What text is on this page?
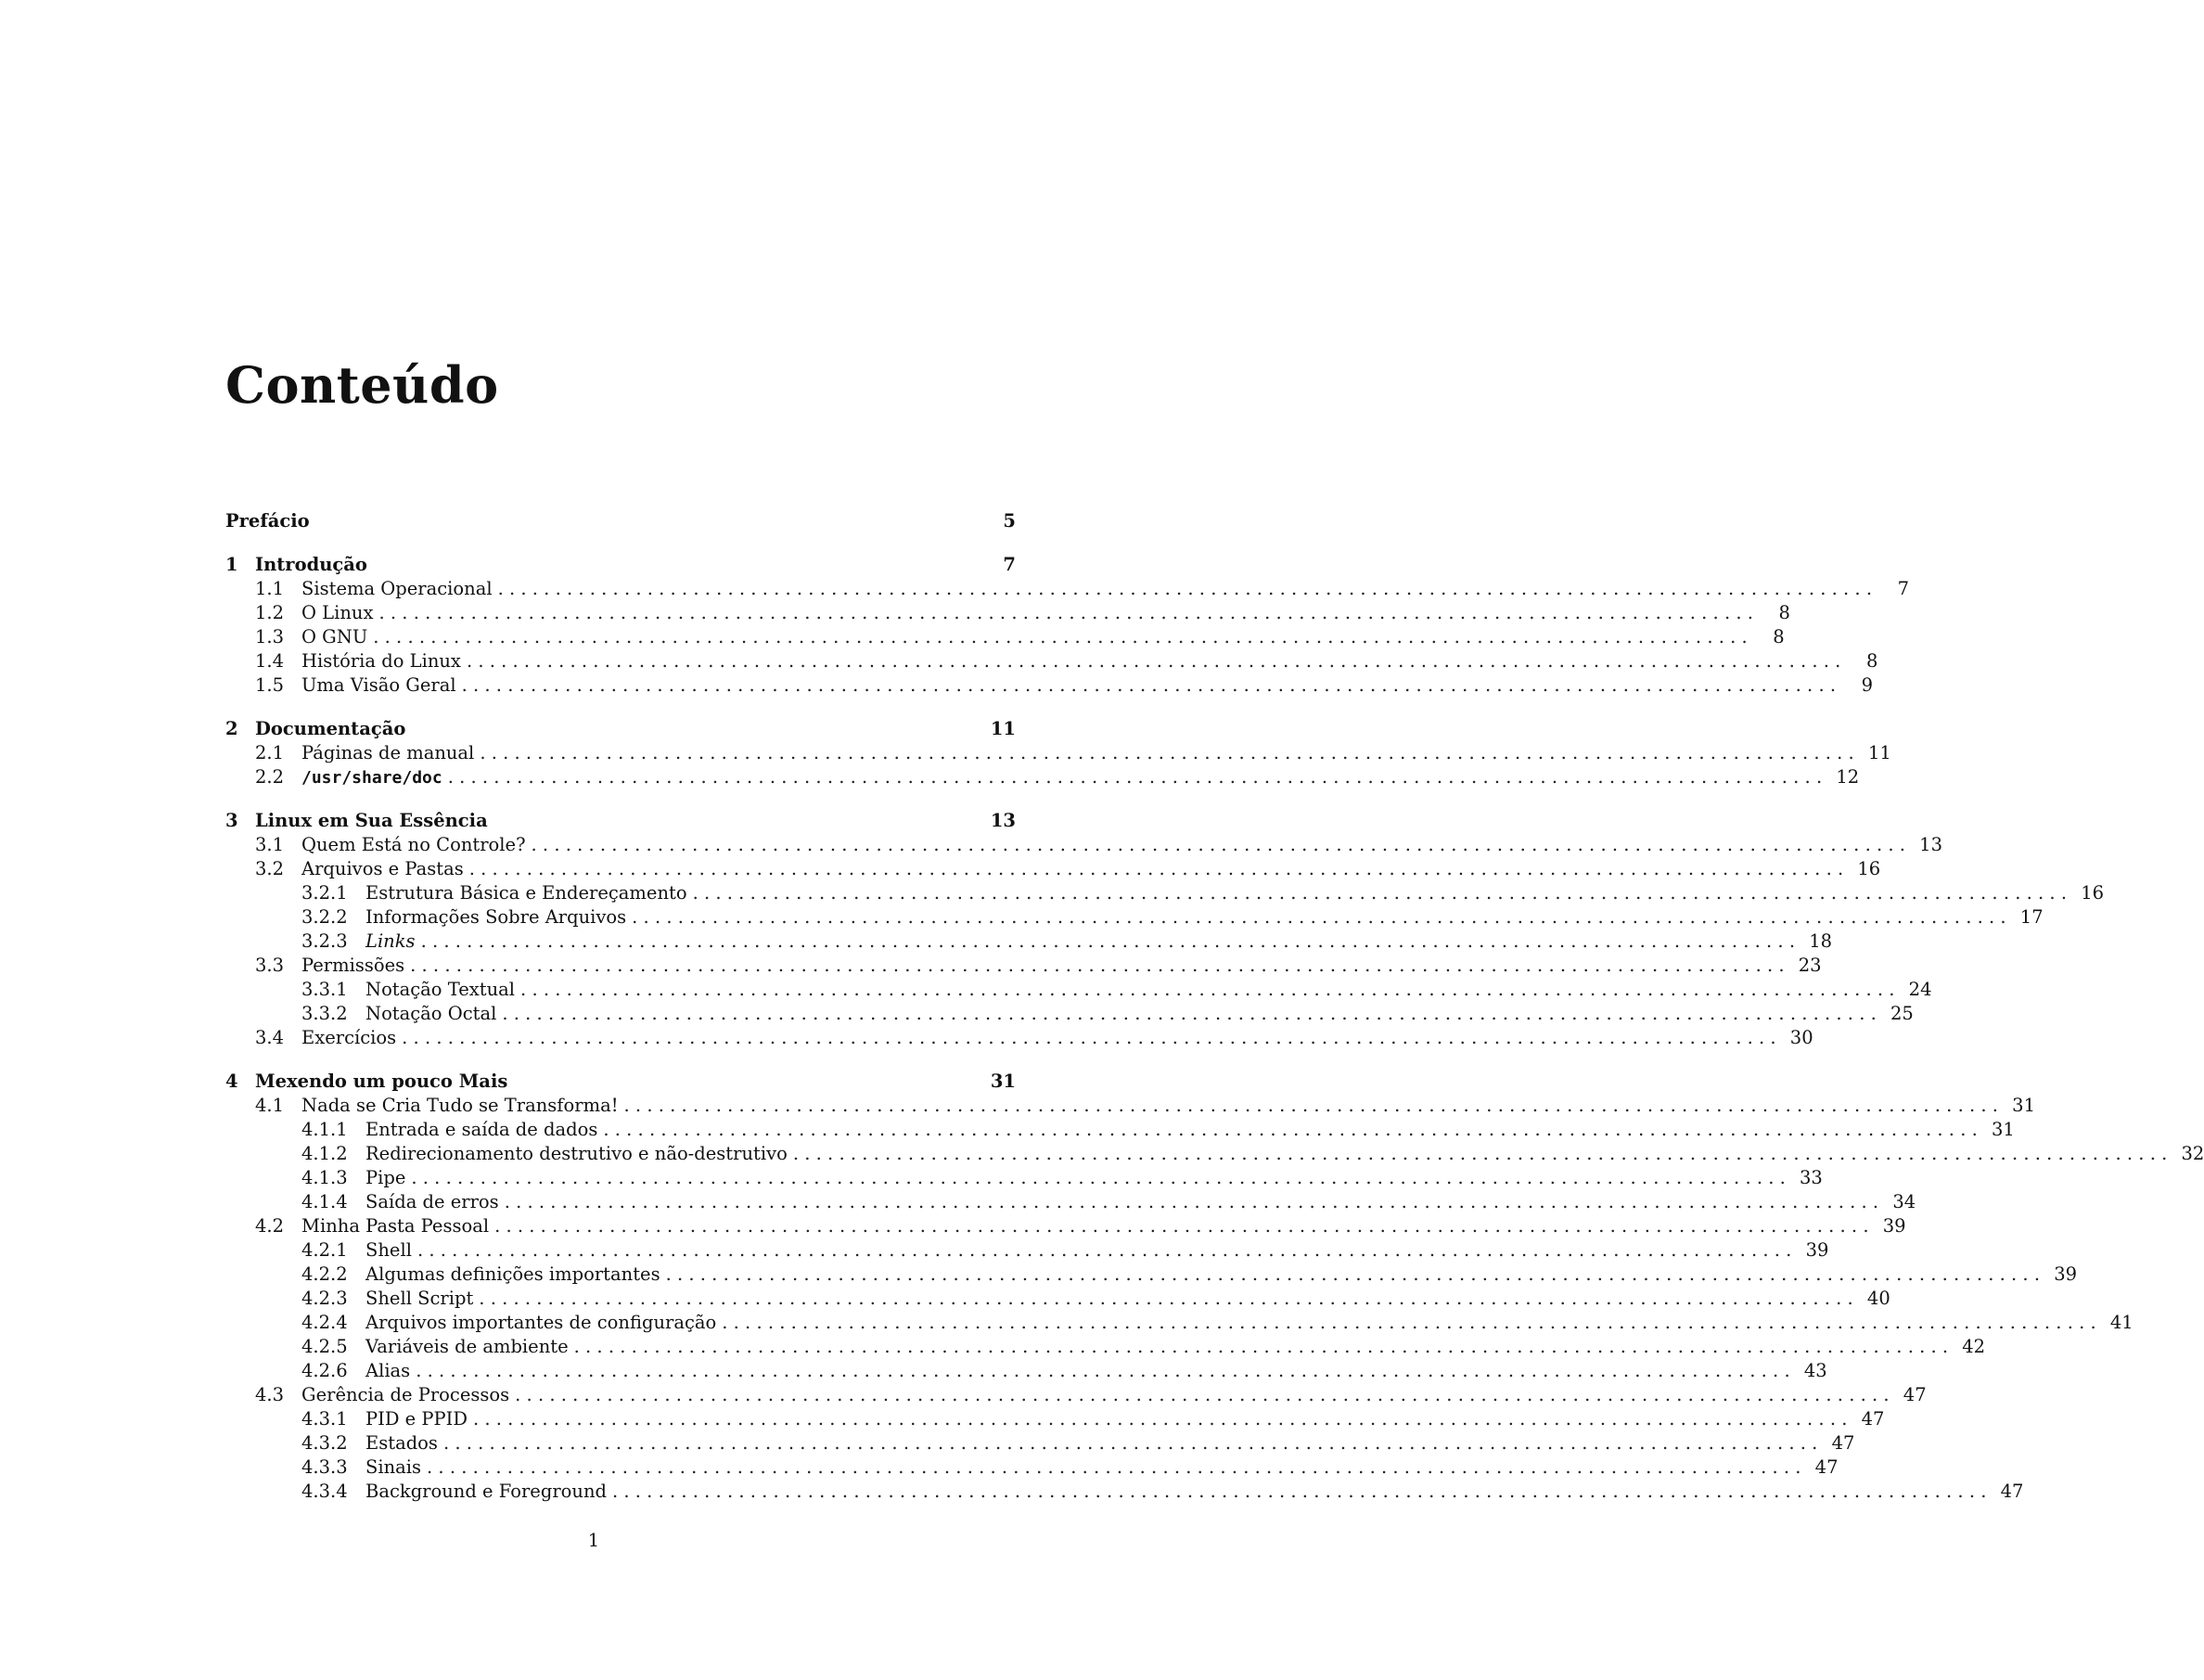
Conteúdo
Prefácio	5
1 Introdução	7
1.1 Sistema Operacional . . . . . . . . . . . . . . . . . . . . . . . . . . . . . . . . . . . . . . . . . . . . . . . . . . . . . . . . . . . . . . . . . . . . . . . . . . . . . . . . . . . . . . . . . . . . . . . . . . . . . . . . . . . . . . . . . . . . . . . .	7
1.2 O Linux . . . . . . . . . . . . . . . . . . . . . . . . . . . . . . . . . . . . . . . . . . . . . . . . . . . . . . . . . . . . . . . . . . . . . . . . . . . . . . . . . . . . . . . . . . . . . . . . . . . . . . . . . . . . . . . . . . . . . . . .	8
1.3 O GNU . . . . . . . . . . . . . . . . . . . . . . . . . . . . . . . . . . . . . . . . . . . . . . . . . . . . . . . . . . . . . . . . . . . . . . . . . . . . . . . . . . . . . . . . . . . . . . . . . . . . . . . . . . . . . . . . . . . . . . . .	8
1.4 História do Linux . . . . . . . . . . . . . . . . . . . . . . . . . . . . . . . . . . . . . . . . . . . . . . . . . . . . . . . . . . . . . . . . . . . . . . . . . . . . . . . . . . . . . . . . . . . . . . . . . . . . . . . . . . . . . . . . . . . . . . . .	8
1.5 Uma Visão Geral . . . . . . . . . . . . . . . . . . . . . . . . . . . . . . . . . . . . . . . . . . . . . . . . . . . . . . . . . . . . . . . . . . . . . . . . . . . . . . . . . . . . . . . . . . . . . . . . . . . . . . . . . . . . . . . . . . . . . . . .	9
2 Documentação	11
2.1 Páginas de manual . . . . . . . . . . . . . . . . . . . . . . . . . . . . . . . . . . . . . . . . . . . . . . . . . . . . . . . . . . . . . . . . . . . . . . . . . . . . . . . . . . . . . . . . . . . . . . . . . . . . . . . . . . . . . . . . . . . . . . . . 11
2.2	/usr/share/doc . . . . . . . . . . . . . . . . . . . . . . . . . . . . . . . . . . . . . . . . . . . . . . . . . . . . . . . . . . . . . . . . . . . . . . . . . . . . . . . . . . . . . . . . . . . . . . . . . . . . . . . . . . . . . . . . . . . . . . . . 12
3 Linux em Sua Essência	13
3.1 Quem Está no Controle? . . . . . . . . . . . . . . . . . . . . . . . . . . . . . . . . . . . . . . . . . . . . . . . . . . . . . . . . . . . . . . . . . . . . . . . . . . . . . . . . . . . . . . . . . . . . . . . . . . . . . . . . . . . . . . . . . . . . . . . . 13
3.2 Arquivos e Pastas . . . . . . . . . . . . . . . . . . . . . . . . . . . . . . . . . . . . . . . . . . . . . . . . . . . . . . . . . . . . . . . . . . . . . . . . . . . . . . . . . . . . . . . . . . . . . . . . . . . . . . . . . . . . . . . . . . . . . . . . 16
3.2.1 Estrutura Básica e Endereçamento . . . . . . . . . . . . . . . . . . . . . . . . . . . . . . . . . . . . . . . . . . . . . . . . . . . . . . . . . . . . . . . . . . . . . . . . . . . . . . . . . . . . . . . . . . . . . . . . . . . . . . . . . . . . . . . . . . . . . . . . 16
3.2.2 Informações Sobre Arquivos . . . . . . . . . . . . . . . . . . . . . . . . . . . . . . . . . . . . . . . . . . . . . . . . . . . . . . . . . . . . . . . . . . . . . . . . . . . . . . . . . . . . . . . . . . . . . . . . . . . . . . . . . . . . . . . . . . . . . . . . 17
3.2.3 Links . . . . . . . . . . . . . . . . . . . . . . . . . . . . . . . . . . . . . . . . . . . . . . . . . . . . . . . . . . . . . . . . . . . . . . . . . . . . . . . . . . . . . . . . . . . . . . . . . . . . . . . . . . . . . . . . . . . . . . . . 18
3.3 Permissões . . . . . . . . . . . . . . . . . . . . . . . . . . . . . . . . . . . . . . . . . . . . . . . . . . . . . . . . . . . . . . . . . . . . . . . . . . . . . . . . . . . . . . . . . . . . . . . . . . . . . . . . . . . . . . . . . . . . . . . . 23
3.3.1 Notação Textual . . . . . . . . . . . . . . . . . . . . . . . . . . . . . . . . . . . . . . . . . . . . . . . . . . . . . . . . . . . . . . . . . . . . . . . . . . . . . . . . . . . . . . . . . . . . . . . . . . . . . . . . . . . . . . . . . . . . . . . . 24
3.3.2 Notação Octal . . . . . . . . . . . . . . . . . . . . . . . . . . . . . . . . . . . . . . . . . . . . . . . . . . . . . . . . . . . . . . . . . . . . . . . . . . . . . . . . . . . . . . . . . . . . . . . . . . . . . . . . . . . . . . . . . . . . . . . . 25
3.4 Exercícios . . . . . . . . . . . . . . . . . . . . . . . . . . . . . . . . . . . . . . . . . . . . . . . . . . . . . . . . . . . . . . . . . . . . . . . . . . . . . . . . . . . . . . . . . . . . . . . . . . . . . . . . . . . . . . . . . . . . . . . . 30
4 Mexendo um pouco Mais	31
4.1 Nada se Cria Tudo se Transforma! . . . . . . . . . . . . . . . . . . . . . . . . . . . . . . . . . . . . . . . . . . . . . . . . . . . . . . . . . . . . . . . . . . . . . . . . . . . . . . . . . . . . . . . . . . . . . . . . . . . . . . . . . . . . . . . . . . . . . . . . 31
4.1.1 Entrada e saída de dados . . . . . . . . . . . . . . . . . . . . . . . . . . . . . . . . . . . . . . . . . . . . . . . . . . . . . . . . . . . . . . . . . . . . . . . . . . . . . . . . . . . . . . . . . . . . . . . . . . . . . . . . . . . . . . . . . . . . . . . . 31
4.1.2 Redirecionamento destrutivo e não-destrutivo . . . . . . . . . . . . . . . . . . . . . . . . . . . . . . . . . . . . . . . . . . . . . . . . . . . . . . . . . . . . . . . . . . . . . . . . . . . . . . . . . . . . . . . . . . . . . . . . . . . . . . . . . . . . . . . . . . . . . . . . 32
4.1.3 Pipe . . . . . . . . . . . . . . . . . . . . . . . . . . . . . . . . . . . . . . . . . . . . . . . . . . . . . . . . . . . . . . . . . . . . . . . . . . . . . . . . . . . . . . . . . . . . . . . . . . . . . . . . . . . . . . . . . . . . . . . . 33
4.1.4 Saída de erros . . . . . . . . . . . . . . . . . . . . . . . . . . . . . . . . . . . . . . . . . . . . . . . . . . . . . . . . . . . . . . . . . . . . . . . . . . . . . . . . . . . . . . . . . . . . . . . . . . . . . . . . . . . . . . . . . . . . . . . . 34
4.2 Minha Pasta Pessoal . . . . . . . . . . . . . . . . . . . . . . . . . . . . . . . . . . . . . . . . . . . . . . . . . . . . . . . . . . . . . . . . . . . . . . . . . . . . . . . . . . . . . . . . . . . . . . . . . . . . . . . . . . . . . . . . . . . . . . . . 39
4.2.1 Shell . . . . . . . . . . . . . . . . . . . . . . . . . . . . . . . . . . . . . . . . . . . . . . . . . . . . . . . . . . . . . . . . . . . . . . . . . . . . . . . . . . . . . . . . . . . . . . . . . . . . . . . . . . . . . . . . . . . . . . . . 39
4.2.2 Algumas definições importantes . . . . . . . . . . . . . . . . . . . . . . . . . . . . . . . . . . . . . . . . . . . . . . . . . . . . . . . . . . . . . . . . . . . . . . . . . . . . . . . . . . . . . . . . . . . . . . . . . . . . . . . . . . . . . . . . . . . . . . . . 39
4.2.3 Shell Script . . . . . . . . . . . . . . . . . . . . . . . . . . . . . . . . . . . . . . . . . . . . . . . . . . . . . . . . . . . . . . . . . . . . . . . . . . . . . . . . . . . . . . . . . . . . . . . . . . . . . . . . . . . . . . . . . . . . . . . . 40
4.2.4 Arquivos importantes de configuração . . . . . . . . . . . . . . . . . . . . . . . . . . . . . . . . . . . . . . . . . . . . . . . . . . . . . . . . . . . . . . . . . . . . . . . . . . . . . . . . . . . . . . . . . . . . . . . . . . . . . . . . . . . . . . . . . . . . . . . . 41
4.2.5 Variáveis de ambiente . . . . . . . . . . . . . . . . . . . . . . . . . . . . . . . . . . . . . . . . . . . . . . . . . . . . . . . . . . . . . . . . . . . . . . . . . . . . . . . . . . . . . . . . . . . . . . . . . . . . . . . . . . . . . . . . . . . . . . . . 42
4.2.6 Alias . . . . . . . . . . . . . . . . . . . . . . . . . . . . . . . . . . . . . . . . . . . . . . . . . . . . . . . . . . . . . . . . . . . . . . . . . . . . . . . . . . . . . . . . . . . . . . . . . . . . . . . . . . . . . . . . . . . . . . . . 43
4.3 Gerência de Processos . . . . . . . . . . . . . . . . . . . . . . . . . . . . . . . . . . . . . . . . . . . . . . . . . . . . . . . . . . . . . . . . . . . . . . . . . . . . . . . . . . . . . . . . . . . . . . . . . . . . . . . . . . . . . . . . . . . . . . . . 47
4.3.1 PID e PPID . . . . . . . . . . . . . . . . . . . . . . . . . . . . . . . . . . . . . . . . . . . . . . . . . . . . . . . . . . . . . . . . . . . . . . . . . . . . . . . . . . . . . . . . . . . . . . . . . . . . . . . . . . . . . . . . . . . . . . . . 47
4.3.2 Estados . . . . . . . . . . . . . . . . . . . . . . . . . . . . . . . . . . . . . . . . . . . . . . . . . . . . . . . . . . . . . . . . . . . . . . . . . . . . . . . . . . . . . . . . . . . . . . . . . . . . . . . . . . . . . . . . . . . . . . . . 47
4.3.3 Sinais . . . . . . . . . . . . . . . . . . . . . . . . . . . . . . . . . . . . . . . . . . . . . . . . . . . . . . . . . . . . . . . . . . . . . . . . . . . . . . . . . . . . . . . . . . . . . . . . . . . . . . . . . . . . . . . . . . . . . . . . 47
4.3.4 Background e Foreground . . . . . . . . . . . . . . . . . . . . . . . . . . . . . . . . . . . . . . . . . . . . . . . . . . . . . . . . . . . . . . . . . . . . . . . . . . . . . . . . . . . . . . . . . . . . . . . . . . . . . . . . . . . . . . . . . . . . . . . . 47
1
